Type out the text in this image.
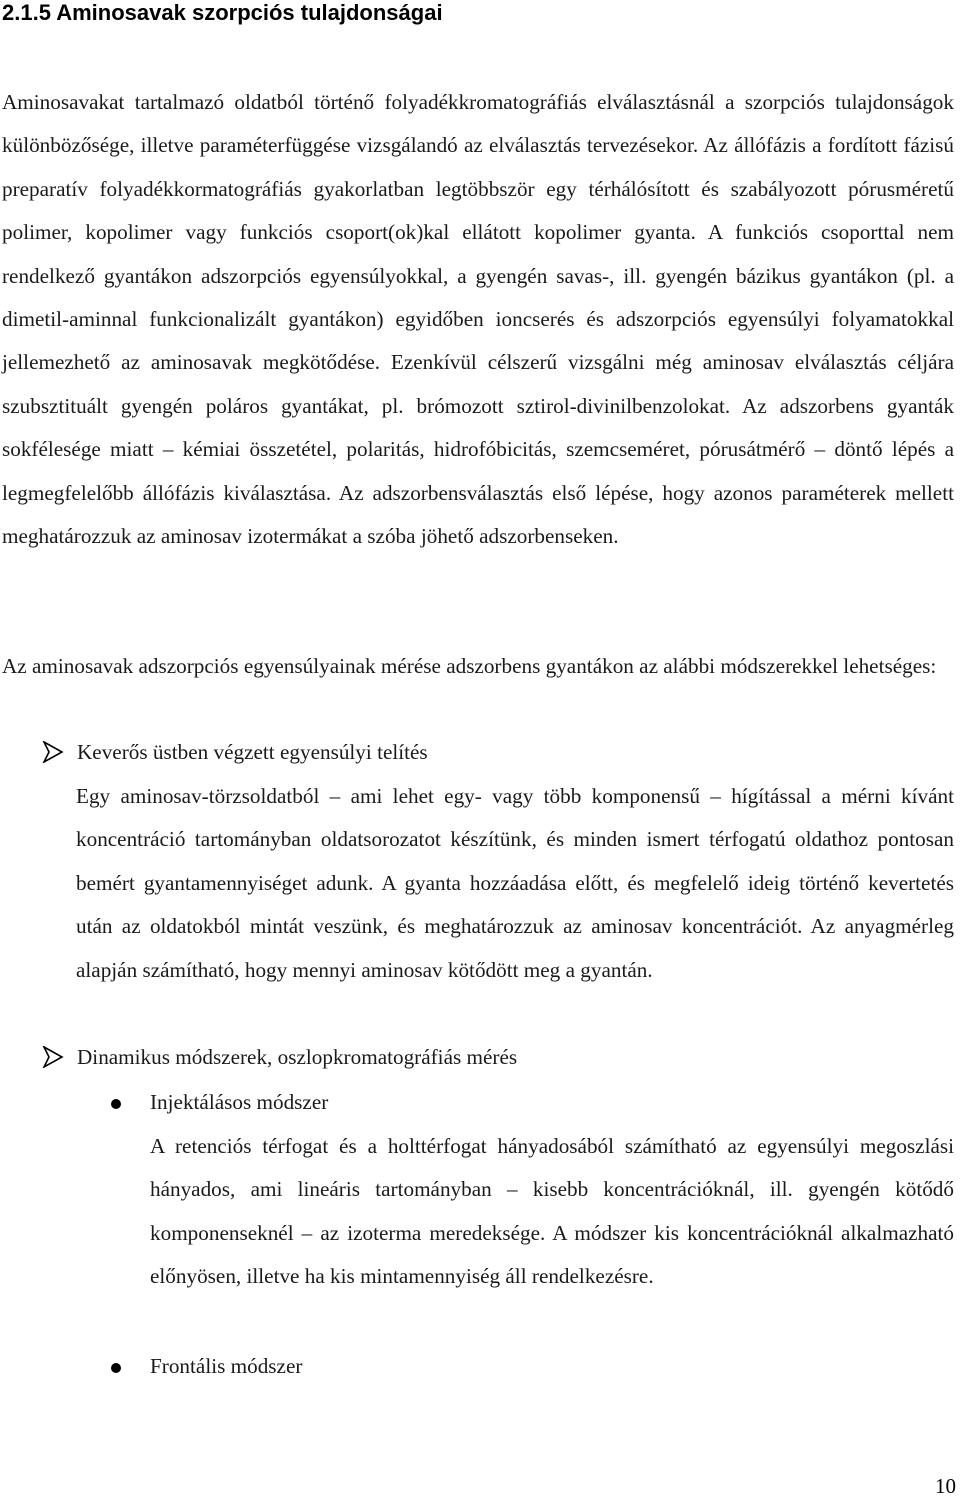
2.1.5 Aminosavak szorpciós tulajdonságai

Aminosavakat tartalmazó oldatból történő folyadékkromatográfiás elválasztásnál a szorpciós tulajdonságok különbözősége, illetve paraméterfüggése vizsgálandó az elválasztás tervezésekor. Az állófázis a fordított fázisú preparatív folyadékkormatográfiás gyakorlatban legtöbbször egy térhálósított és szabályozott pórusméretű polimer, kopolimer vagy funkciós csoport(ok)kal ellátott kopolimer gyanta. A funkciós csoporttal nem rendelkező gyantákon adszorpciós egyensúlyokkal, a gyengén savas-, ill. gyengén bázikus gyantákon (pl. a dimetil-aminnal funkcionalizált gyantákon) egyidőben ioncserés és adszorpciós egyensúlyi folyamatokkal jellemezhető az aminosavak megkötődése. Ezenkívül célszerű vizsgálni még aminosav elválasztás céljára szubsztituált gyengén poláros gyantákat, pl. brómozott sztirol-divinilbenzolokat. Az adszorbens gyanták sokfélesége miatt – kémiai összetétel, polaritás, hidrofóbicitás, szemcseméret, pórusátmérő – döntő lépés a legmegfelelőbb állófázis kiválasztása. Az adszorbensválasztás első lépése, hogy azonos paraméterek mellett meghatározzuk az aminosav izotermákat a szóba jöhető adszorbenseken.

Az aminosavak adszorpciós egyensúlyainak mérése adszorbens gyantákon az alábbi módszerekkel lehetséges:

Keverős üstben végzett egyensúlyi telítés

Egy aminosav-törzsoldatból – ami lehet egy- vagy több komponensű – hígítással a mérni kívánt koncentráció tartományban oldatsorozatot készítünk, és minden ismert térfogatú oldathoz pontosan bemért gyantamennyiséget adunk. A gyanta hozzáadása előtt, és megfelelő ideig történő kevertetés után az oldatokból mintát veszünk, és meghatározzuk az aminosav koncentrációt. Az anyagmérleg alapján számítható, hogy mennyi aminosav kötődött meg a gyantán.

Dinamikus módszerek, oszlopkromatográfiás mérés
Injektálásos módszer

A retenciós térfogat és a holttérfogat hányadosából számítható az egyensúlyi megoszlási hányados, ami lineáris tartományban – kisebb koncentrációknál, ill. gyengén kötődő komponenseknél – az izoterma meredeksége. A módszer kis koncentrációknál alkalmazható előnyösen, illetve ha kis mintamennyiség áll rendelkezésre.

Frontális módszer
10
